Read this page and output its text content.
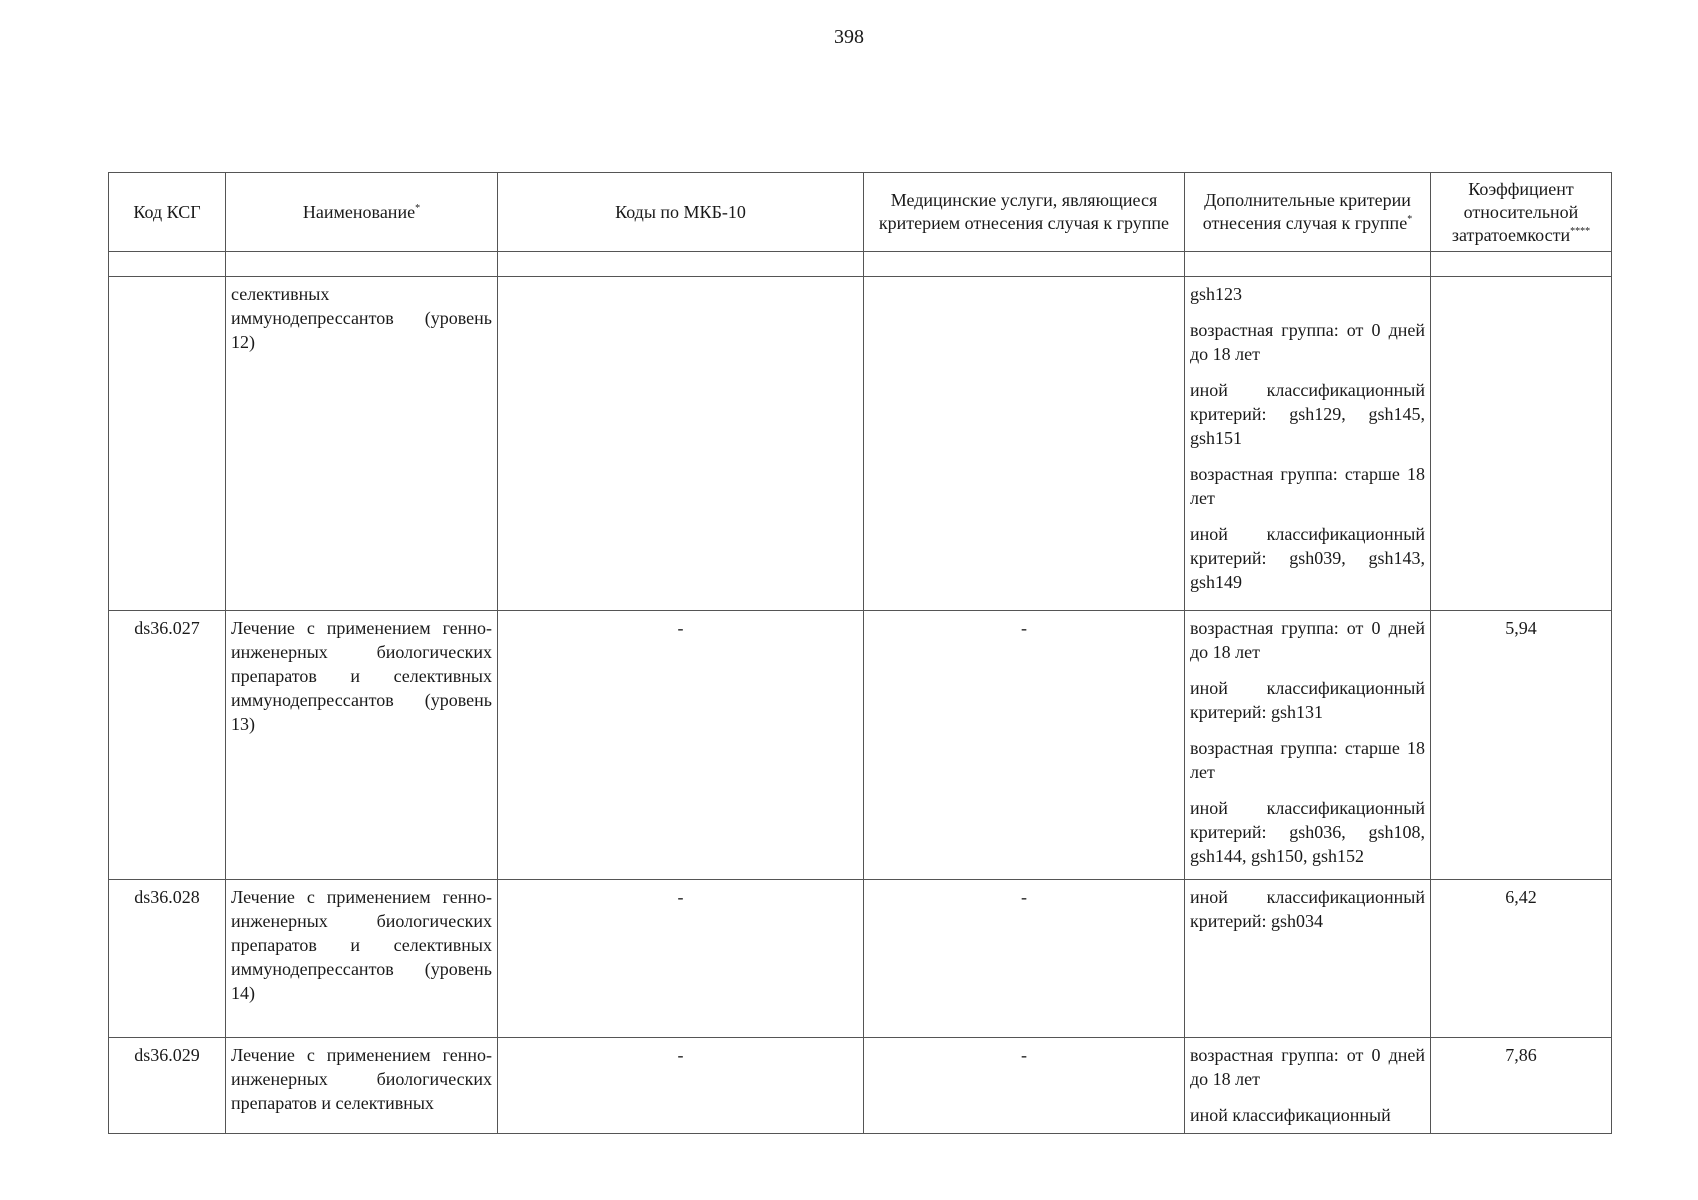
398
Код КСГ	Наименование*	Коды по МКБ-10	Медицинские услуги, являющиеся критерием отнесения случая к группе	Дополнительные критерии отнесения случая к группе*	Коэффициент относительной затратоемкости****

	селективных иммунодепрессантов (уровень 12)			gsh123
возрастная группа: от 0 дней до 18 лет
иной классификационный критерий: gsh129, gsh145, gsh151
возрастная группа: старше 18 лет
иной классификационный критерий: gsh039, gsh143, gsh149	

ds36.027	Лечение с применением генно-инженерных биологических препаратов и селективных иммунодепрессантов (уровень 13)	-	-	возрастная группа: от 0 дней до 18 лет
иной классификационный критерий: gsh131
возрастная группа: старше 18 лет
иной классификационный критерий: gsh036, gsh108, gsh144, gsh150, gsh152	5,94
ds36.028	Лечение с применением генно-инженерных биологических препаратов и селективных иммунодепрессантов (уровень 14)	-	-	иной классификационный критерий: gsh034	6,42
ds36.029	Лечение с применением генно-инженерных биологических препаратов и селективных	-	-	возрастная группа: от 0 дней до 18 лет
иной классификационный	7,86
